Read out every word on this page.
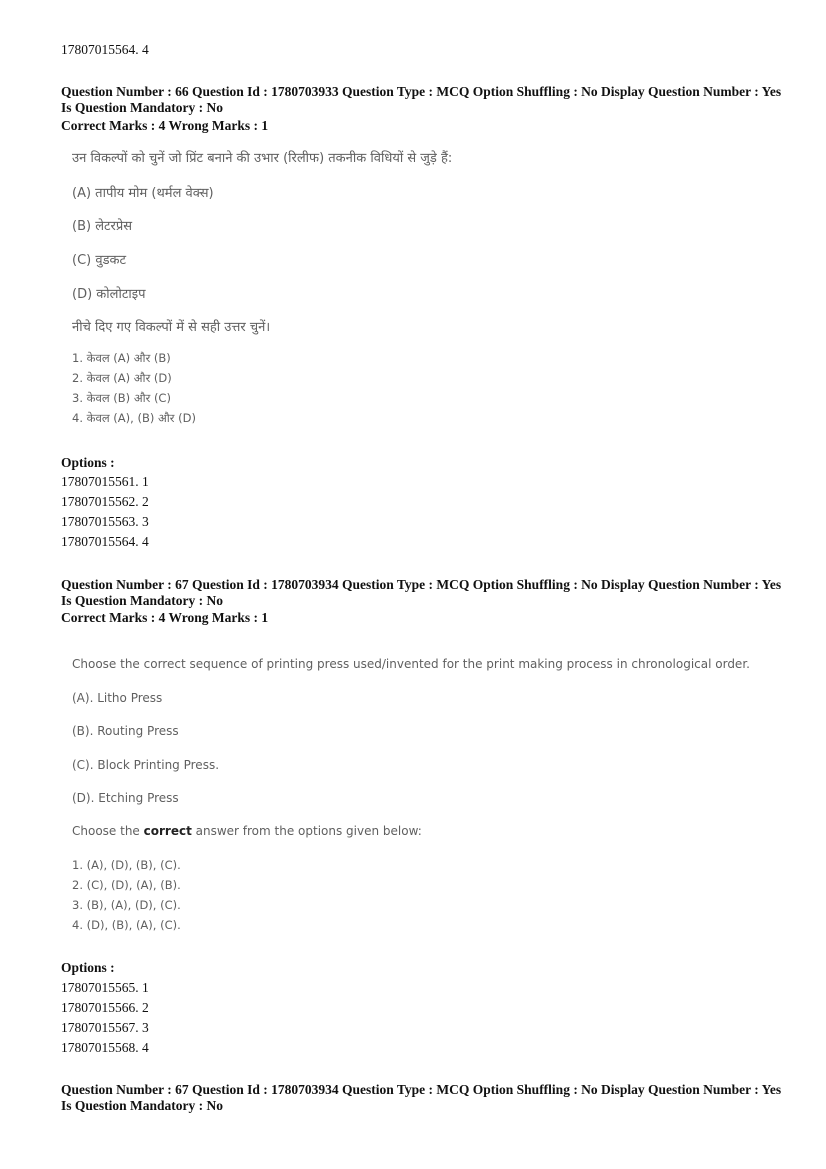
17807015564. 4
Question Number : 66 Question Id : 1780703933 Question Type : MCQ Option Shuffling : No Display Question Number : Yes
Is Question Mandatory : No
Correct Marks : 4 Wrong Marks : 1
उन विकल्पों को चुनें जो प्रिंट बनाने की उभार (रिलीफ) तकनीक विधियों से जुड़े हैं:
(A) तापीय मोम (थर्मल वेक्स)
(B) लेटरप्रेस
(C) वुडकट
(D) कोलोटाइप
नीचे दिए गए विकल्पों में से सही उत्तर चुनें।
1. केवल (A) और (B)
2. केवल (A) और (D)
3. केवल (B) और (C)
4. केवल (A), (B) और (D)
Options :
17807015561. 1
17807015562. 2
17807015563. 3
17807015564. 4
Question Number : 67 Question Id : 1780703934 Question Type : MCQ Option Shuffling : No Display Question Number : Yes
Is Question Mandatory : No
Correct Marks : 4 Wrong Marks : 1
Choose the correct sequence of printing press used/invented for the print making process in chronological order.
(A). Litho Press
(B). Routing Press
(C). Block Printing Press.
(D). Etching Press
Choose the correct answer from the options given below:
1. (A), (D), (B), (C).
2. (C), (D), (A), (B).
3. (B), (A), (D), (C).
4. (D), (B), (A), (C).
Options :
17807015565. 1
17807015566. 2
17807015567. 3
17807015568. 4
Question Number : 67 Question Id : 1780703934 Question Type : MCQ Option Shuffling : No Display Question Number : Yes
Is Question Mandatory : No
